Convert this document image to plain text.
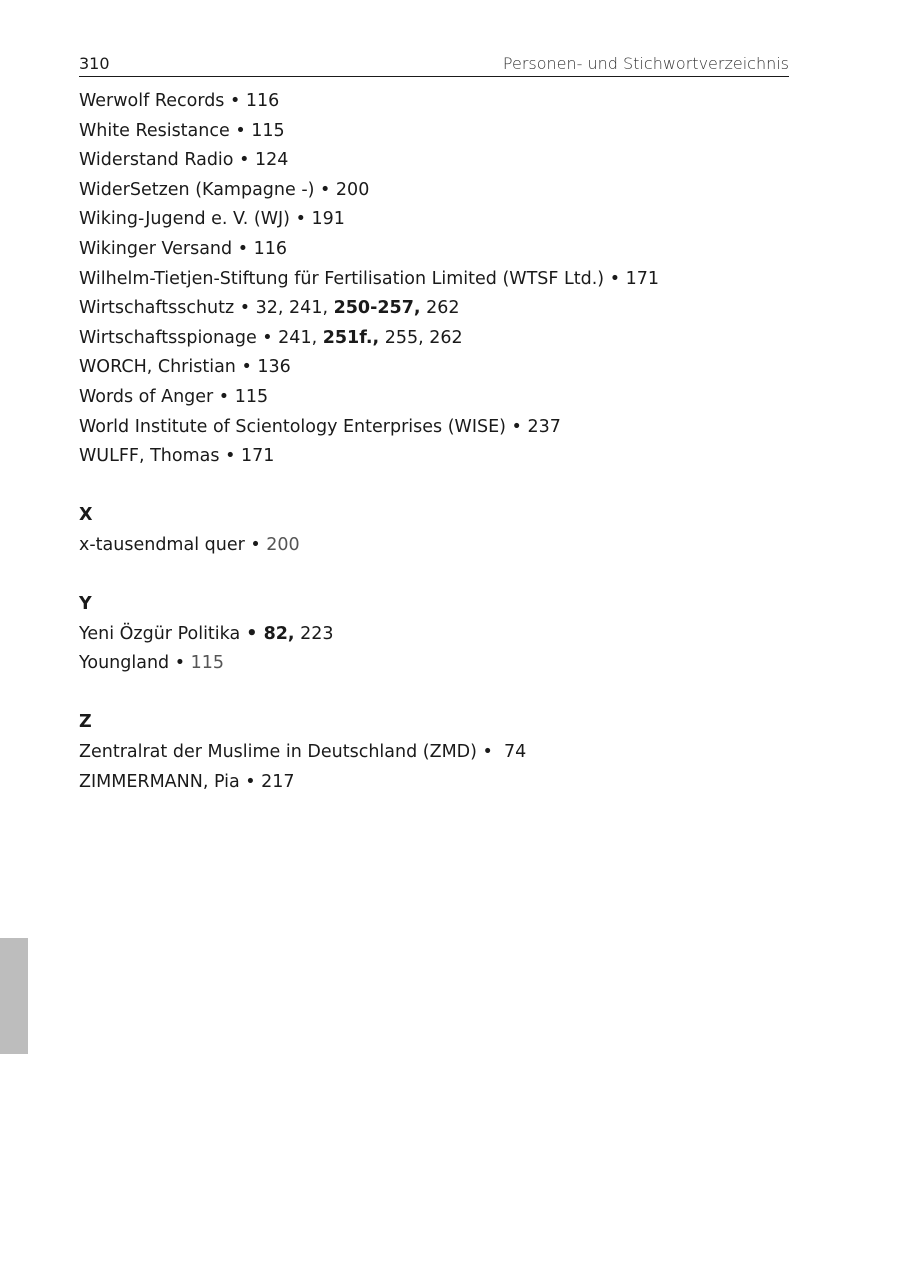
310	Personen- und Stichwortverzeichnis
Werwolf Records • 116
White Resistance • 115
Widerstand Radio • 124
WiderSetzen (Kampagne -) • 200
Wiking-Jugend e. V. (WJ) • 191
Wikinger Versand • 116
Wilhelm-Tietjen-Stiftung für Fertilisation Limited (WTSF Ltd.) • 171
Wirtschaftsschutz • 32, 241, 250-257, 262
Wirtschaftsspionage • 241, 251f., 255, 262
WORCH, Christian • 136
Words of Anger • 115
World Institute of Scientology Enterprises (WISE) • 237
WULFF, Thomas • 171
X
x-tausendmal quer • 200
Y
Yeni Özgür Politika • 82, 223
Youngland • 115
Z
Zentralrat der Muslime in Deutschland (ZMD) •  74
ZIMMERMANN, Pia • 217
